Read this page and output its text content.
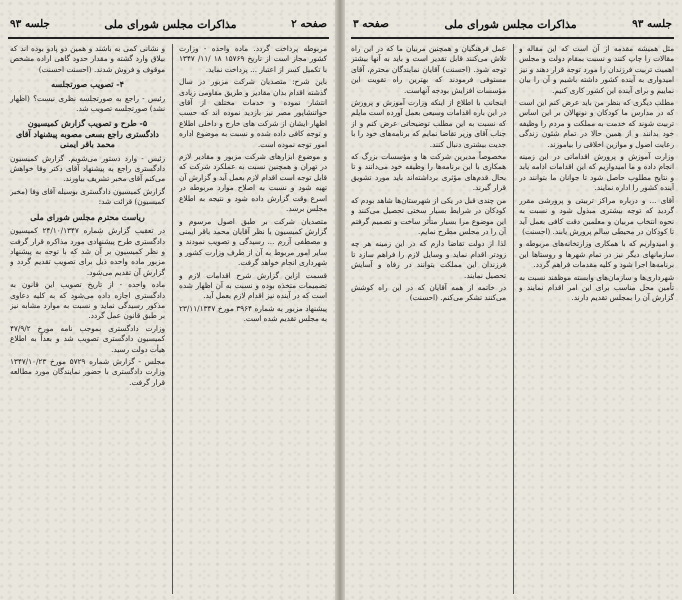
صفحه ۲
مذاکرات مجلس شورای ملی
جلسه ۹۳

مربوطه پرداخت گردد. ماده واحده - وزارت کشور مجاز است از تاریخ ۱۵۷۶۹ ۱۸ /۱۱/ ۱۳۴۷ با تکمیل کسر از اعتبار ... پرداخت نماید.

باین شرح: متصدیان شرکت مزبور در سال گذشته اقدام بدان مقادیر و طریق مقاومی زیادی انتشار نموده و خدمات مختلف از آقای حواتنشاپور مصر نیز بازدید نموده اند که حسب اظهار ایشان از شرکت های خارج و داخلی اطلاع و توجه کافی داده شده و نسبت به موضوع اداره امور توجه نموده است.

و موضوع ابزارهای شرکت مزبور و مقادیر لازم در تهران و همچنین نسبت به عملکرد شرکت که قابل توجه است اقدام لازم بعمل آید و گزارش آن تهیه شود و نسبت به اصلاح موارد مربوطه در اسرع وقت گزارش داده شود و نتیجه به اطلاع مجلس برسد.

متصدیان شرکت بر طبق اصول مرسوم و گزارش کمیسیون با نظر آقایان محمد باقر ایمنی و مصطفی آزرم ... رسیدگی و تصویب نمودند و سایر امور مربوط به آن از طرف وزارت کشور و شهرداری انجام خواهد گرفت.

قسمت ازاین گزارش شرح اقدامات لازم و تصمیمات متخذه بوده و نسبت به آن اظهار شده است که در آینده نیز اقدام لازم بعمل آید.

پیشنهاد مزبور به شماره ۳۹۶۴ مورخ ۲۳/۱۱/۱۳۴۷ به مجلس تقدیم شده است.

و نشانی کمی به باشند و همین دو پادو بوده اند که بیلاق وارد گشته و مقدار حدود گاهی اراده مشخص موقوف و فروش شدند. (احسنت احسنت)

۴- تصویب صورتجلسه

رئیس - راجع به صورتجلسه نظری نیست؟ (اظهار نشد) صورتجلسه تصویب شد.

۵- طرح و تصویب گزارش کمیسیون دادگستری راجع بسعی مصوبه پیشنهاد آقای محمد باقر ایمنی

رئیس - وارد دستور می‌شویم. گزارش کمیسیون دادگستری راجع به پیشنهاد آقای دکتر وفا خواهش می‌کنم آقای مخبر تشریف بیاورند.

گزارش کمیسیون دادگستری بوسیله آقای وفا (مخبر کمیسیون) قرائت شد:

ریاست محترم مجلس شورای ملی

در تعقیب گزارش شماره ۲۴/۱۰/۱۳۴۷ کمیسیون دادگستری طرح پیشنهادی مورد مذاکره قرار گرفت و نظر کمیسیون بر آن شد که با توجه به پیشنهاد مزبور ماده واحده ذیل برای تصویب تقدیم گردد و گزارش آن تقدیم می‌شود.

ماده واحده - از تاریخ تصویب این قانون به دادگستری اجازه داده می‌شود که به کلیه دعاوی مذکور رسیدگی نماید و نسبت به موارد مشابه نیز بر طبق قانون عمل گردد.

وزارت دادگستری بموجب نامه مورخ ۴۷/۹/۲ کمیسیون دادگستری تصویب شد و بعداً به اطلاع هیأت دولت رسید.

مجلس - گزارش شماره ۵۷۲۹ مورخ ۱۳۴۷/۱۰/۲۳ وزارت دادگستری با حضور نمایندگان مورد مطالعه قرار گرفت.

جلسه ۹۳
مذاکرات مجلس شورای ملی
صفحه ۳

مثل همیشه مقدمه از آن است که این مقاله و مقالات را چاپ کنند و نسبت بمقام دولت و مجلس اهمیت تربیت فرزندان را مورد توجه قرار دهند و نیز امیدواری به آینده کشور داشته باشیم و آن را بیان نماییم و برای آینده این کشور کاری کنیم.

مطلب دیگری که بنظر من باید عرض کنم این است که در مدارس ما کودکان و نونهالان بر این اساس تربیت شوند که خدمت به مملکت و مردم را وظیفه خود بدانند و از همین حالا در تمام شئون زندگی رعایت اصول و موازین اخلاقی را بیاموزند.

وزارت آموزش و پرورش اقداماتی در این زمینه انجام داده و ما امیدواریم که این اقدامات ادامه یابد و نتایج مطلوب حاصل شود تا جوانان ما بتوانند در آینده کشور را اداره نمایند.

آقای ... و درباره مراکز تربیتی و پرورشی مقرر گردید که توجه بیشتری مبذول شود و نسبت به نحوه انتخاب مربیان و معلمین دقت کافی بعمل آید تا کودکان در محیطی سالم پرورش یابند. (احسنت)

و امیدواریم که با همکاری وزارتخانه‌های مربوطه و سازمانهای دیگر نیز در تمام شهرها و روستاها این برنامه‌ها اجرا شود و کلیه مقدمات فراهم گردد.

شهرداری‌ها و سازمان‌های وابسته موظفند نسبت به تأمین محل مناسب برای این امر اقدام نمایند و گزارش آن را بمجلس تقدیم دارند.

عمل فرهنگیان و همچنین مربیان ما که در این راه تلاش می‌کنند قابل تقدیر است و باید به آنها بیشتر توجه شود. (احسنت) آقایان نمایندگان محترم، آقای مستوفی فرمودند که بهترین راه تقویت این مؤسسات افزایش بودجه آنهاست.

اینجانب با اطلاع از اینکه وزارت آموزش و پرورش در این باره اقدامات وسیعی بعمل آورده است مایلم که نسبت به این مطلب توضیحاتی عرض کنم و از جناب آقای وزیر تقاضا نمایم که برنامه‌های خود را با جدیت بیشتری دنبال کنند.

مخصوصاً مدیرین شرکت ها و مؤسسات بزرگ که همکاری با این برنامه‌ها را وظیفه خود می‌دانند و تا بحال قدم‌های مؤثری برداشته‌اند باید مورد تشویق قرار گیرند.

من چندی قبل در یکی از شهرستان‌ها شاهد بودم که کودکان در شرایط بسیار سختی تحصیل می‌کنند و این موضوع مرا بسیار متأثر ساخت و تصمیم گرفتم آن را در مجلس مطرح نمایم.

لذا از دولت تقاضا دارم که در این زمینه هر چه زودتر اقدام نماید و وسایل لازم را فراهم سازد تا فرزندان این مملکت بتوانند در رفاه و آسایش تحصیل نمایند.

در خاتمه از همه آقایان که در این راه کوشش می‌کنند تشکر می‌کنم. (احسنت)
